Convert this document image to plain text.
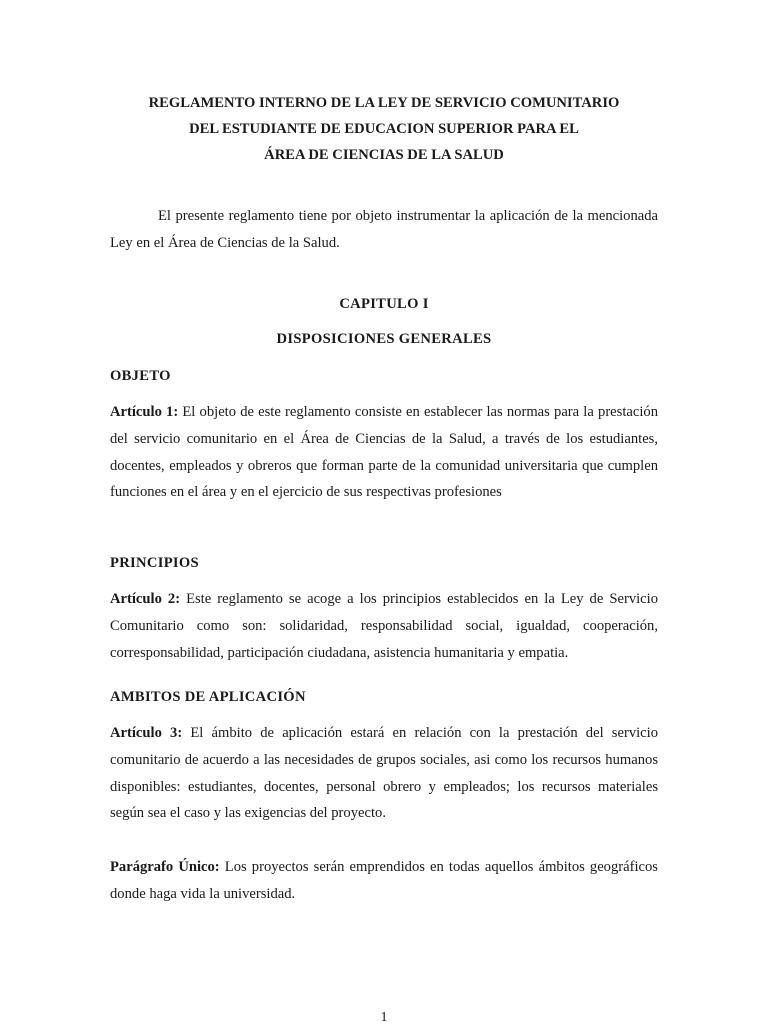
REGLAMENTO INTERNO DE LA LEY DE SERVICIO COMUNITARIO
DEL ESTUDIANTE DE EDUCACION SUPERIOR PARA EL
ÁREA DE CIENCIAS DE LA SALUD

El presente reglamento tiene por objeto instrumentar la aplicación de la mencionada Ley en el Área de Ciencias de la Salud.

CAPITULO I
DISPOSICIONES GENERALES
OBJETO

Artículo 1: El objeto de este reglamento consiste en establecer las normas para la prestación del servicio comunitario en el Área de Ciencias de la Salud, a través de los estudiantes, docentes, empleados y obreros que forman parte de la comunidad universitaria que cumplen funciones en el área y en el ejercicio de sus respectivas profesiones

PRINCIPIOS

Artículo 2: Este reglamento se acoge a los principios establecidos en la Ley de Servicio Comunitario como son: solidaridad, responsabilidad social, igualdad, cooperación, corresponsabilidad, participación ciudadana, asistencia humanitaria y empatia.

AMBITOS DE APLICACIÓN

Artículo 3: El ámbito de aplicación estará en relación con la prestación del servicio comunitario de acuerdo a las necesidades de grupos sociales, asi como los recursos humanos disponibles: estudiantes, docentes, personal obrero y empleados; los recursos materiales según sea el caso y las exigencias del proyecto.

Parágrafo Único: Los proyectos serán emprendidos en todas aquellos ámbitos geográficos donde haga vida la universidad.

1
